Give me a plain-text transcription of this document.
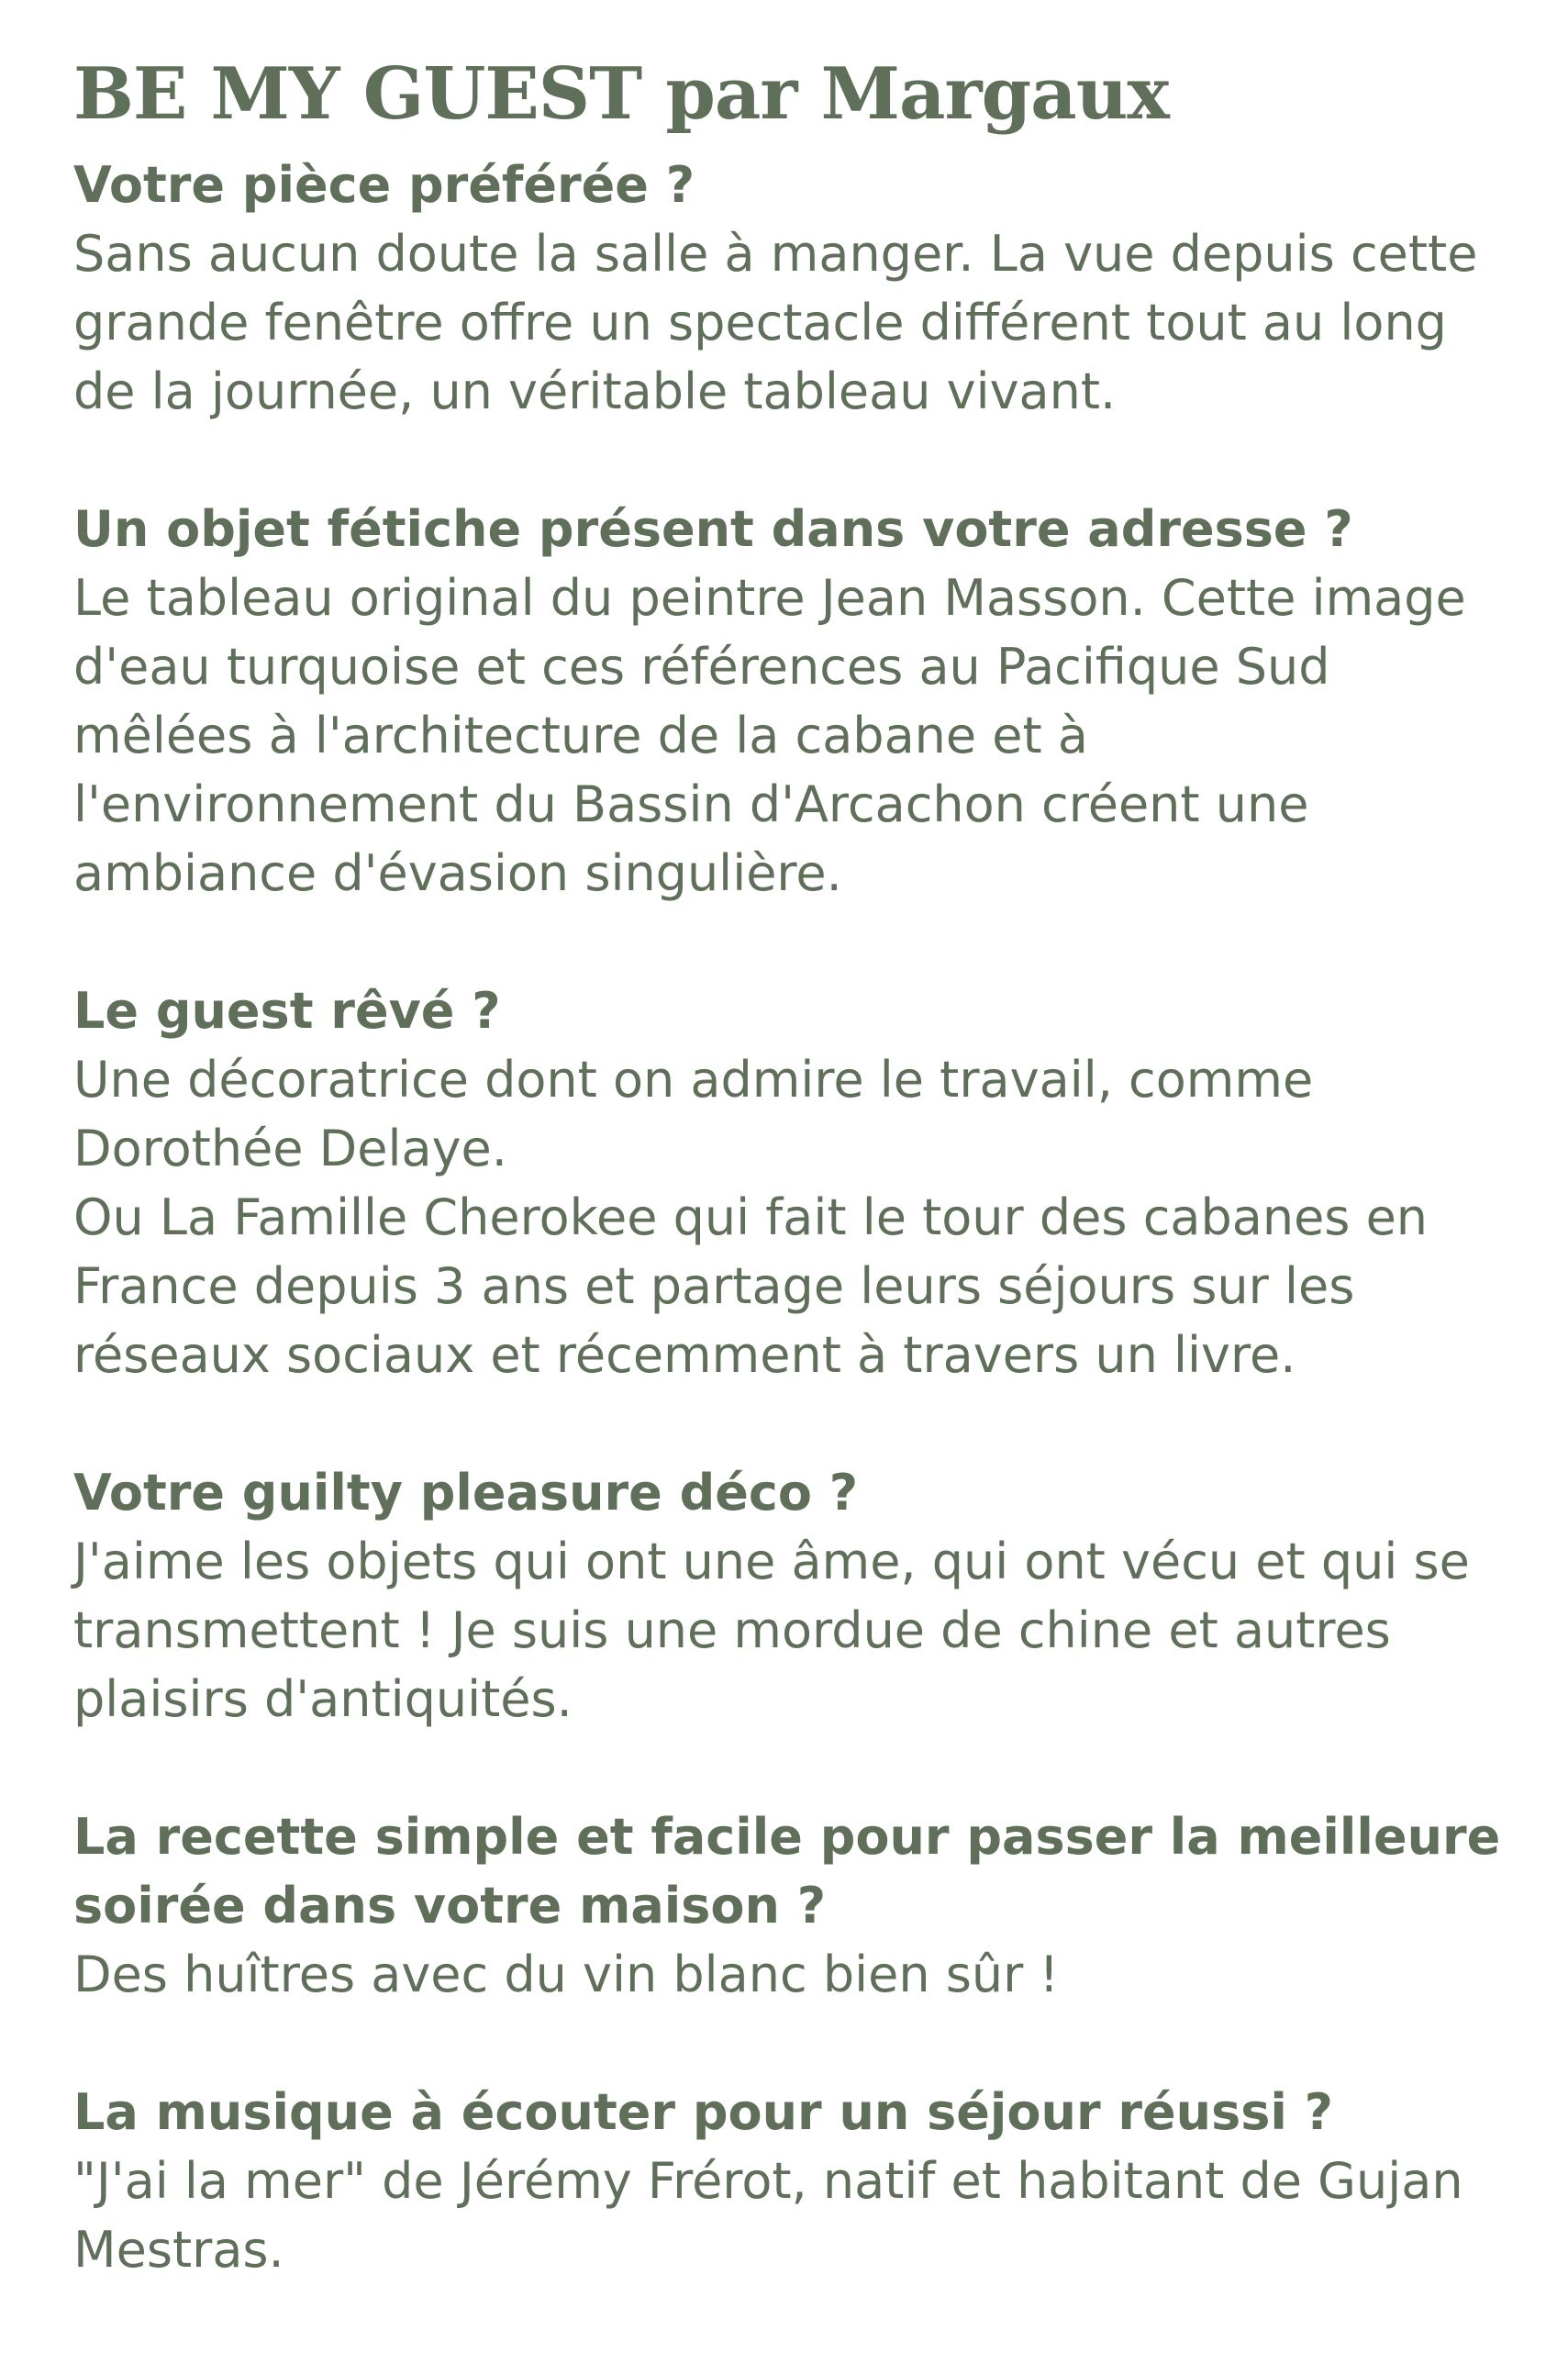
BE MY GUEST par Margaux

Votre pièce préférée ?

Sans aucun doute la salle à manger. La vue depuis cette grande fenêtre offre un spectacle différent tout au long de la journée, un véritable tableau vivant.

Un objet fétiche présent dans votre adresse ?

Le tableau original du peintre Jean Masson. Cette image d'eau turquoise et ces références au Pacifique Sud mêlées à l'architecture de la cabane et à l'environnement du Bassin d'Arcachon créent une ambiance d'évasion singulière.

Le guest rêvé ?

Une décoratrice dont on admire le travail, comme Dorothée Delaye.

Ou La Famille Cherokee qui fait le tour des cabanes en France depuis 3 ans et partage leurs séjours sur les réseaux sociaux et récemment à travers un livre.

Votre guilty pleasure déco ?

J'aime les objets qui ont une âme, qui ont vécu et qui se transmettent ! Je suis une mordue de chine et autres plaisirs d'antiquités.

La recette simple et facile pour passer la meilleure soirée dans votre maison ?

Des huîtres avec du vin blanc bien sûr !

La musique à écouter pour un séjour réussi ?

"J'ai la mer" de Jérémy Frérot, natif et habitant de Gujan Mestras.
